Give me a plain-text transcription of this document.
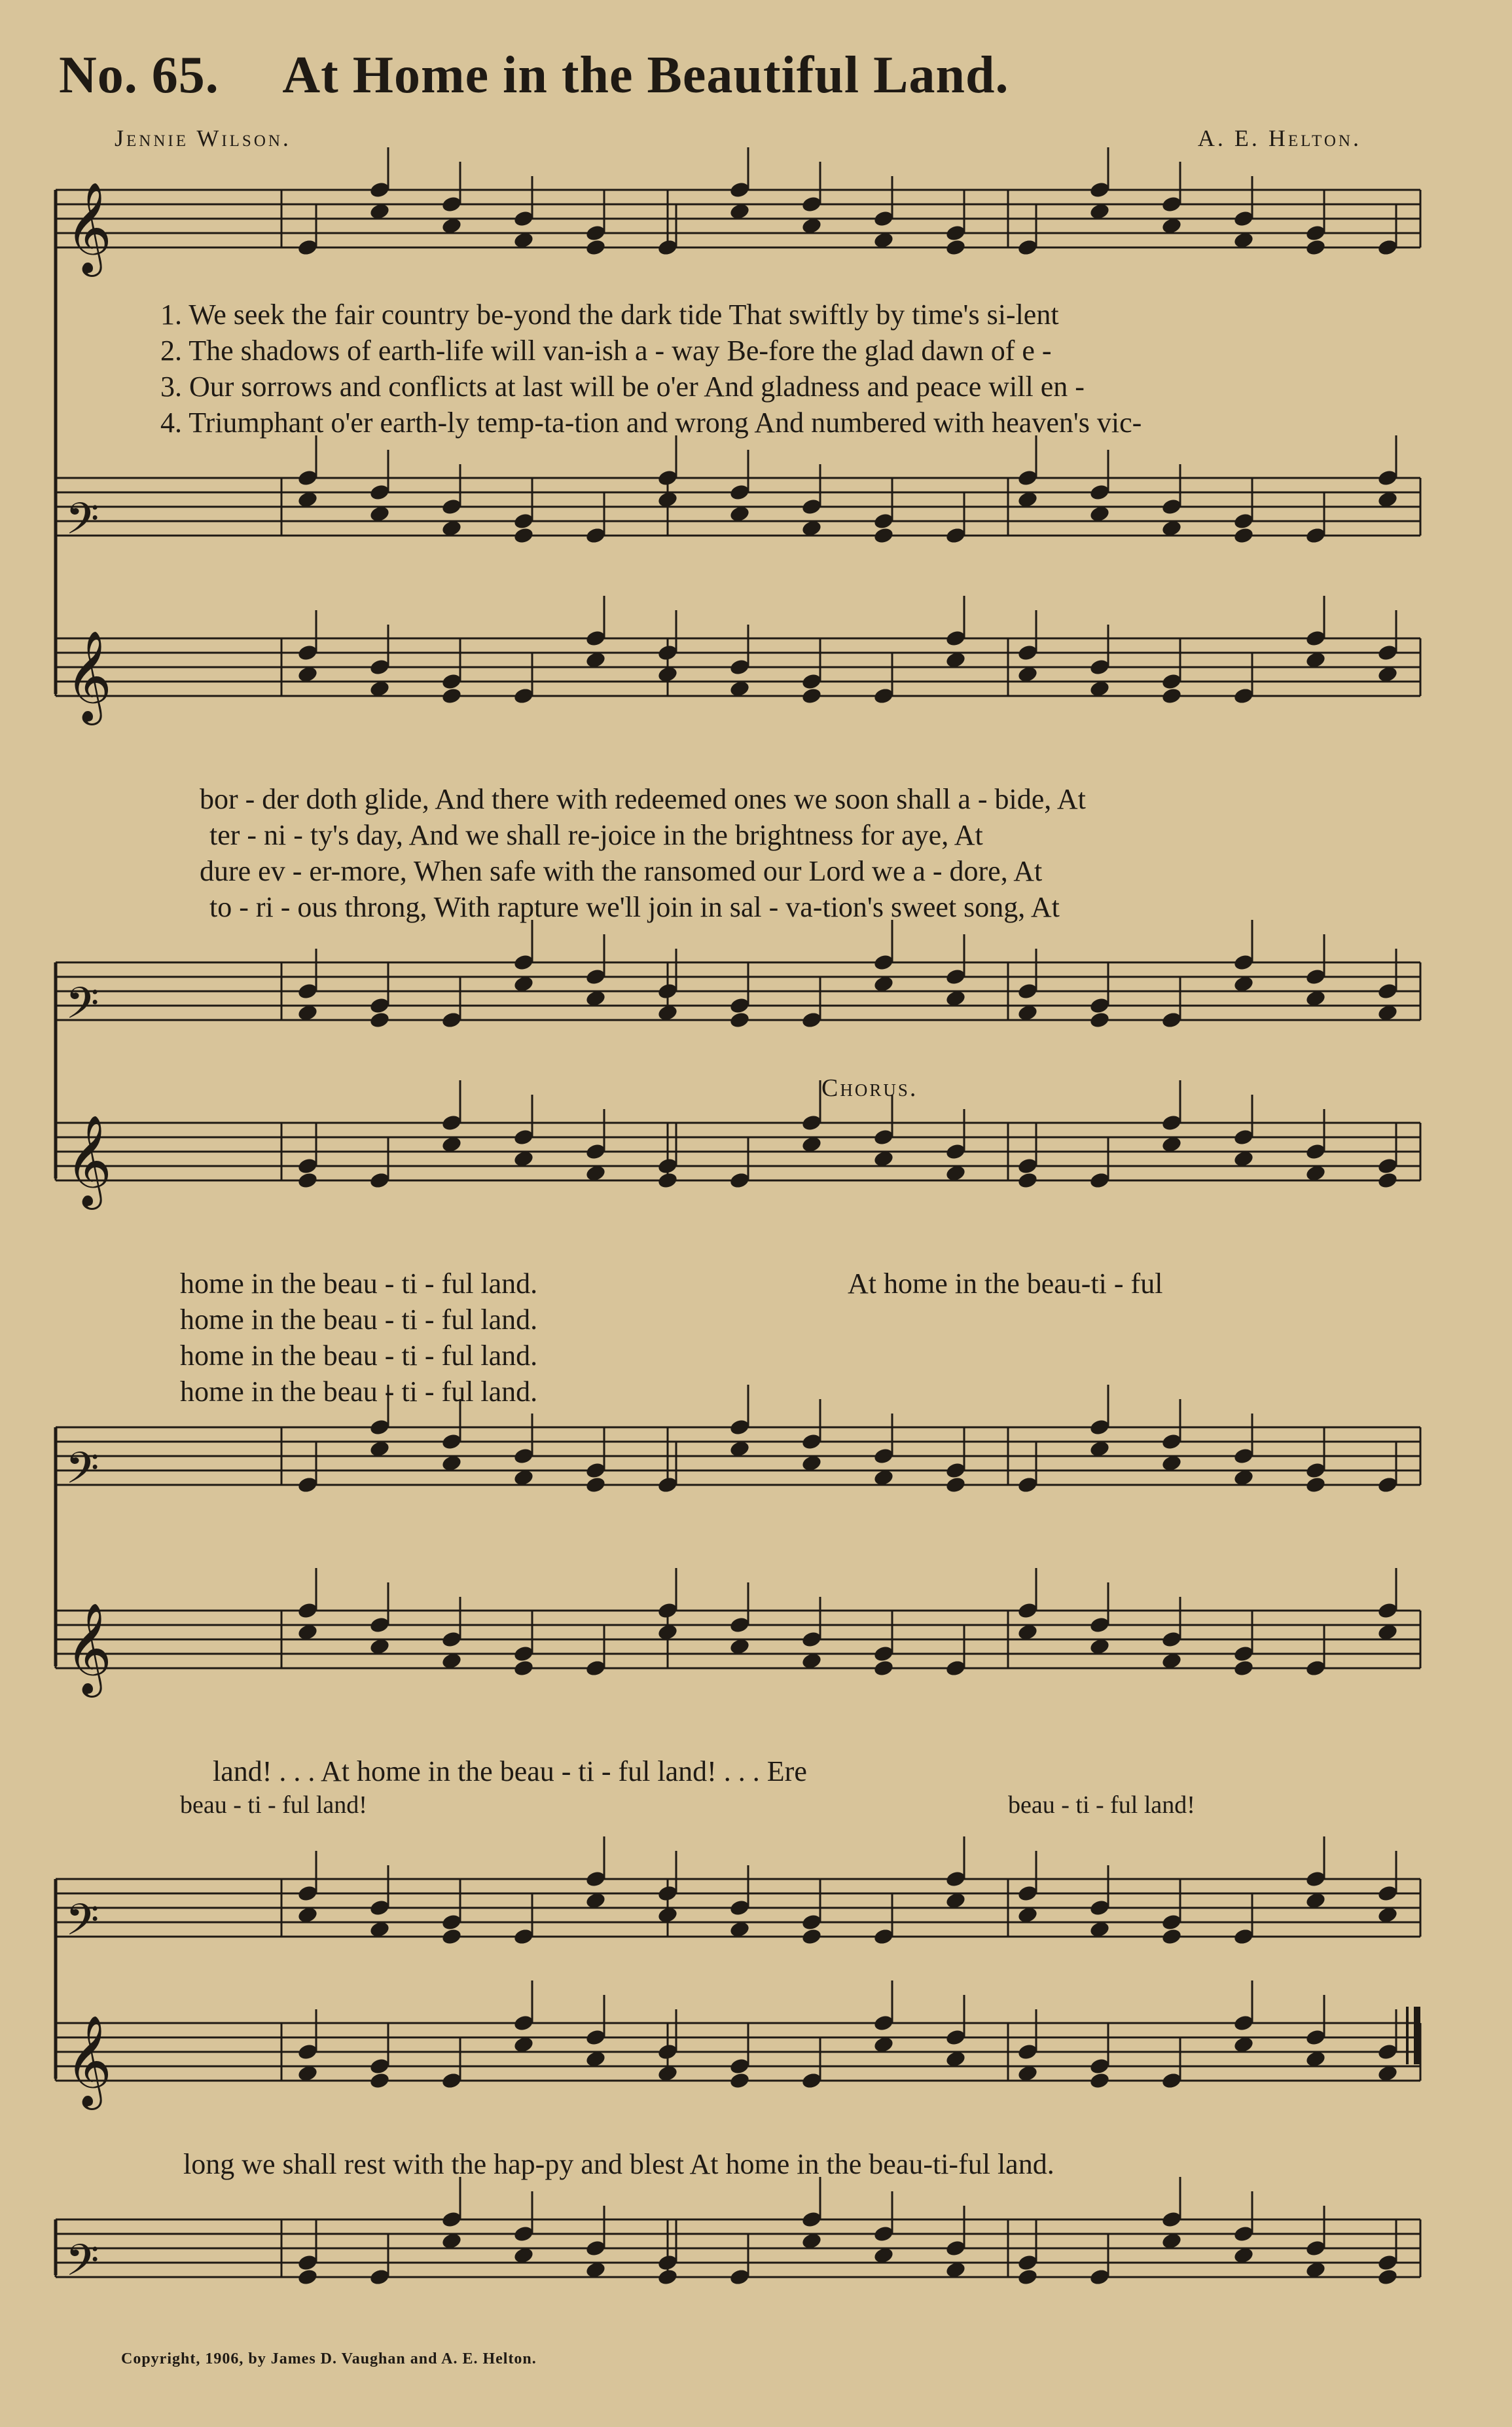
No. 65. At Home in the Beautiful Land.
Jennie Wilson.	A. E. Helton.
𝄞
𝄢
𝄞
𝄢
𝄞
𝄢
𝄞
𝄢
𝄞
𝄢
1. We seek the fair country be-yond the dark tide That swiftly by time's si-lent
2. The shadows of earth-life will van-ish a - way Be-fore the glad dawn of e -
3. Our sorrows and conflicts at last will be o'er And gladness and peace will en -
4. Triumphant o'er earth-ly temp-ta-tion and wrong And numbered with heaven's vic-
bor - der doth glide, And there with redeemed ones we soon shall a - bide, At
ter - ni - ty's day, And we shall re-joice in the brightness for aye, At
dure ev - er-more, When safe with the ransomed our Lord we a - dore, At
to - ri - ous throng, With rapture we'll join in sal - va-tion's sweet song, At
Chorus.
home in the beau - ti - ful land.
home in the beau - ti - ful land.
home in the beau - ti - ful land.
home in the beau - ti - ful land.
At home in the beau-ti - ful
land! . . . At home in the beau - ti - ful land! . . . Ere
beau - ti - ful land!	beau - ti - ful land!
long we shall rest with the hap-py and blest At home in the beau-ti-ful land.
Copyright, 1906, by James D. Vaughan and A. E. Helton.
